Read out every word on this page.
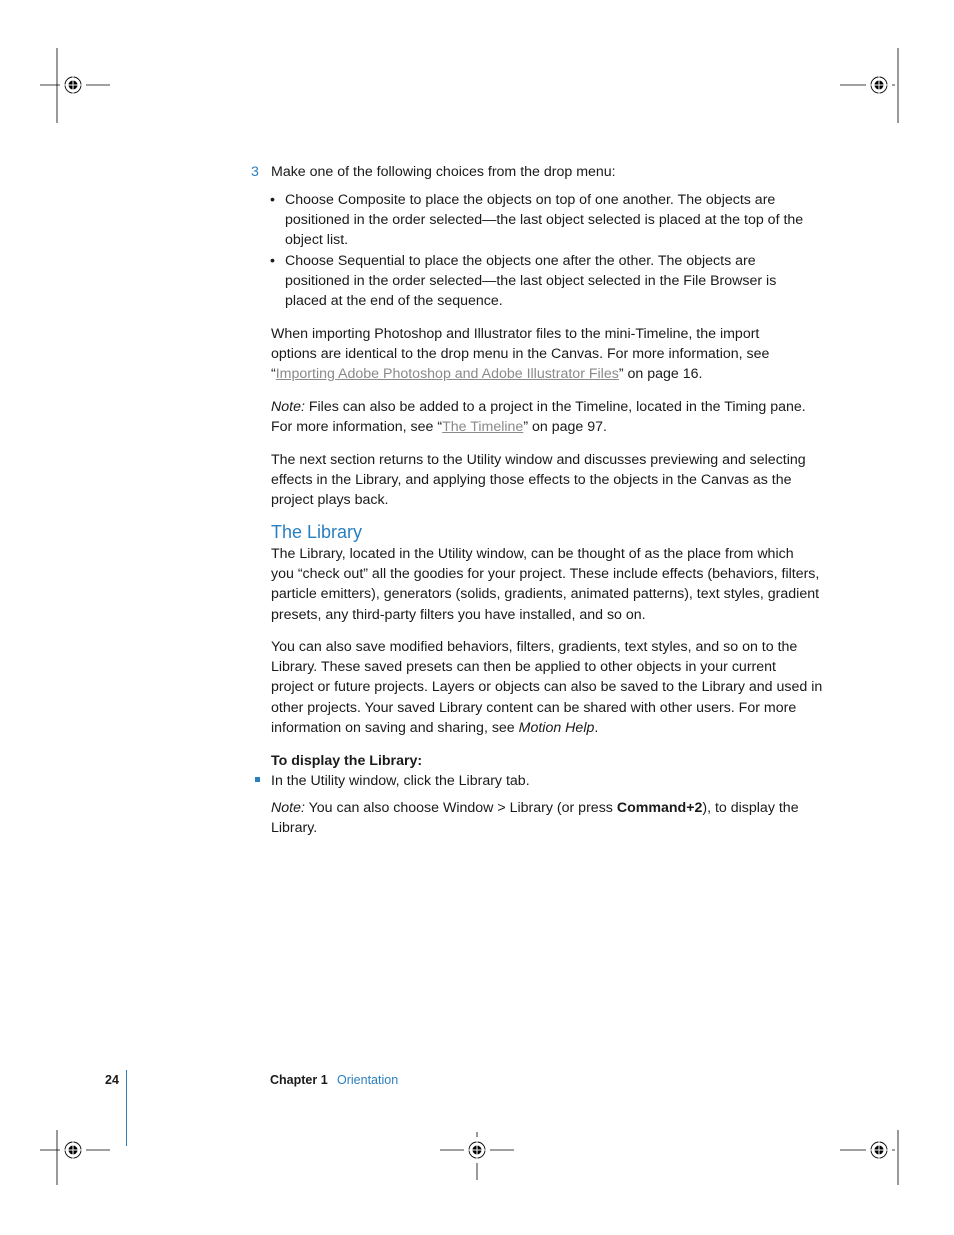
3 Make one of the following choices from the drop menu:

• Choose Composite to place the objects on top of one another. The objects are
positioned in the order selected—the last object selected is placed at the top of the
object list.
• Choose Sequential to place the objects one after the other. The objects are
positioned in the order selected—the last object selected in the File Browser is
placed at the end of the sequence.
When importing Photoshop and Illustrator files to the mini-Timeline, the import
options are identical to the drop menu in the Canvas. For more information, see
“Importing Adobe Photoshop and Adobe Illustrator Files” on page 16.
Note: Files can also be added to a project in the Timeline, located in the Timing pane.
For more information, see “The Timeline” on page 97.
The next section returns to the Utility window and discusses previewing and selecting
effects in the Library, and applying those effects to the objects in the Canvas as the
project plays back.
The Library
The Library, located in the Utility window, can be thought of as the place from which
you “check out” all the goodies for your project. These include effects (behaviors, filters,
particle emitters), generators (solids, gradients, animated patterns), text styles, gradient
presets, any third-party filters you have installed, and so on.
You can also save modified behaviors, filters, gradients, text styles, and so on to the
Library. These saved presets can then be applied to other objects in your current
project or future projects. Layers or objects can also be saved to the Library and used in
other projects. Your saved Library content can be shared with other users. For more
information on saving and sharing, see Motion Help.
To display the Library:
In the Utility window, click the Library tab.
Note: You can also choose Window > Library (or press Command+2), to display the
Library.
24	Chapter 1 Orientation
